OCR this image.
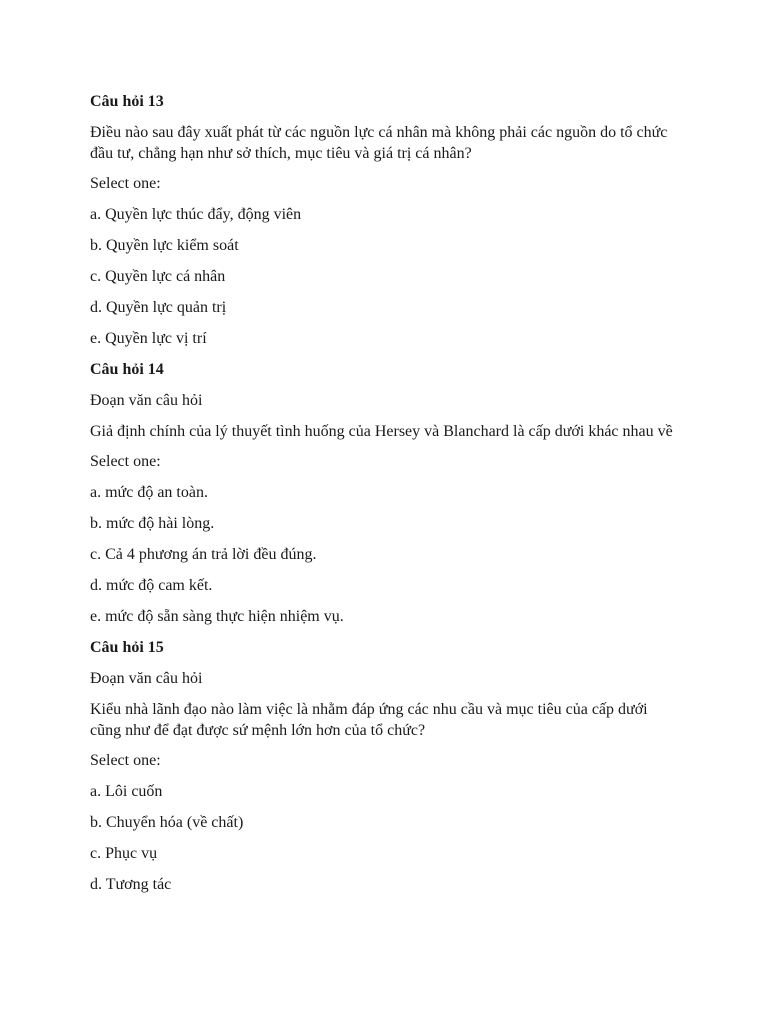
Câu hỏi 13
Điều nào sau đây xuất phát từ các nguồn lực cá nhân mà không phải các nguồn do tổ chức đầu tư, chẳng hạn như sở thích, mục tiêu và giá trị cá nhân?
Select one:
a. Quyền lực thúc đẩy, động viên
b. Quyền lực kiểm soát
c. Quyền lực cá nhân
d. Quyền lực quản trị
e. Quyền lực vị trí
Câu hỏi 14
Đoạn văn câu hỏi
Giả định chính của lý thuyết tình huống của Hersey và Blanchard là cấp dưới khác nhau về
Select one:
a. mức độ an toàn.
b. mức độ hài lòng.
c. Cả 4 phương án trả lời đều đúng.
d. mức độ cam kết.
e. mức độ sẵn sàng thực hiện nhiệm vụ.
Câu hỏi 15
Đoạn văn câu hỏi
Kiểu nhà lãnh đạo nào làm việc là nhằm đáp ứng các nhu cầu và mục tiêu của cấp dưới cũng như để đạt được sứ mệnh lớn hơn của tổ chức?
Select one:
a. Lôi cuốn
b. Chuyển hóa (về chất)
c. Phục vụ
d. Tương tác
